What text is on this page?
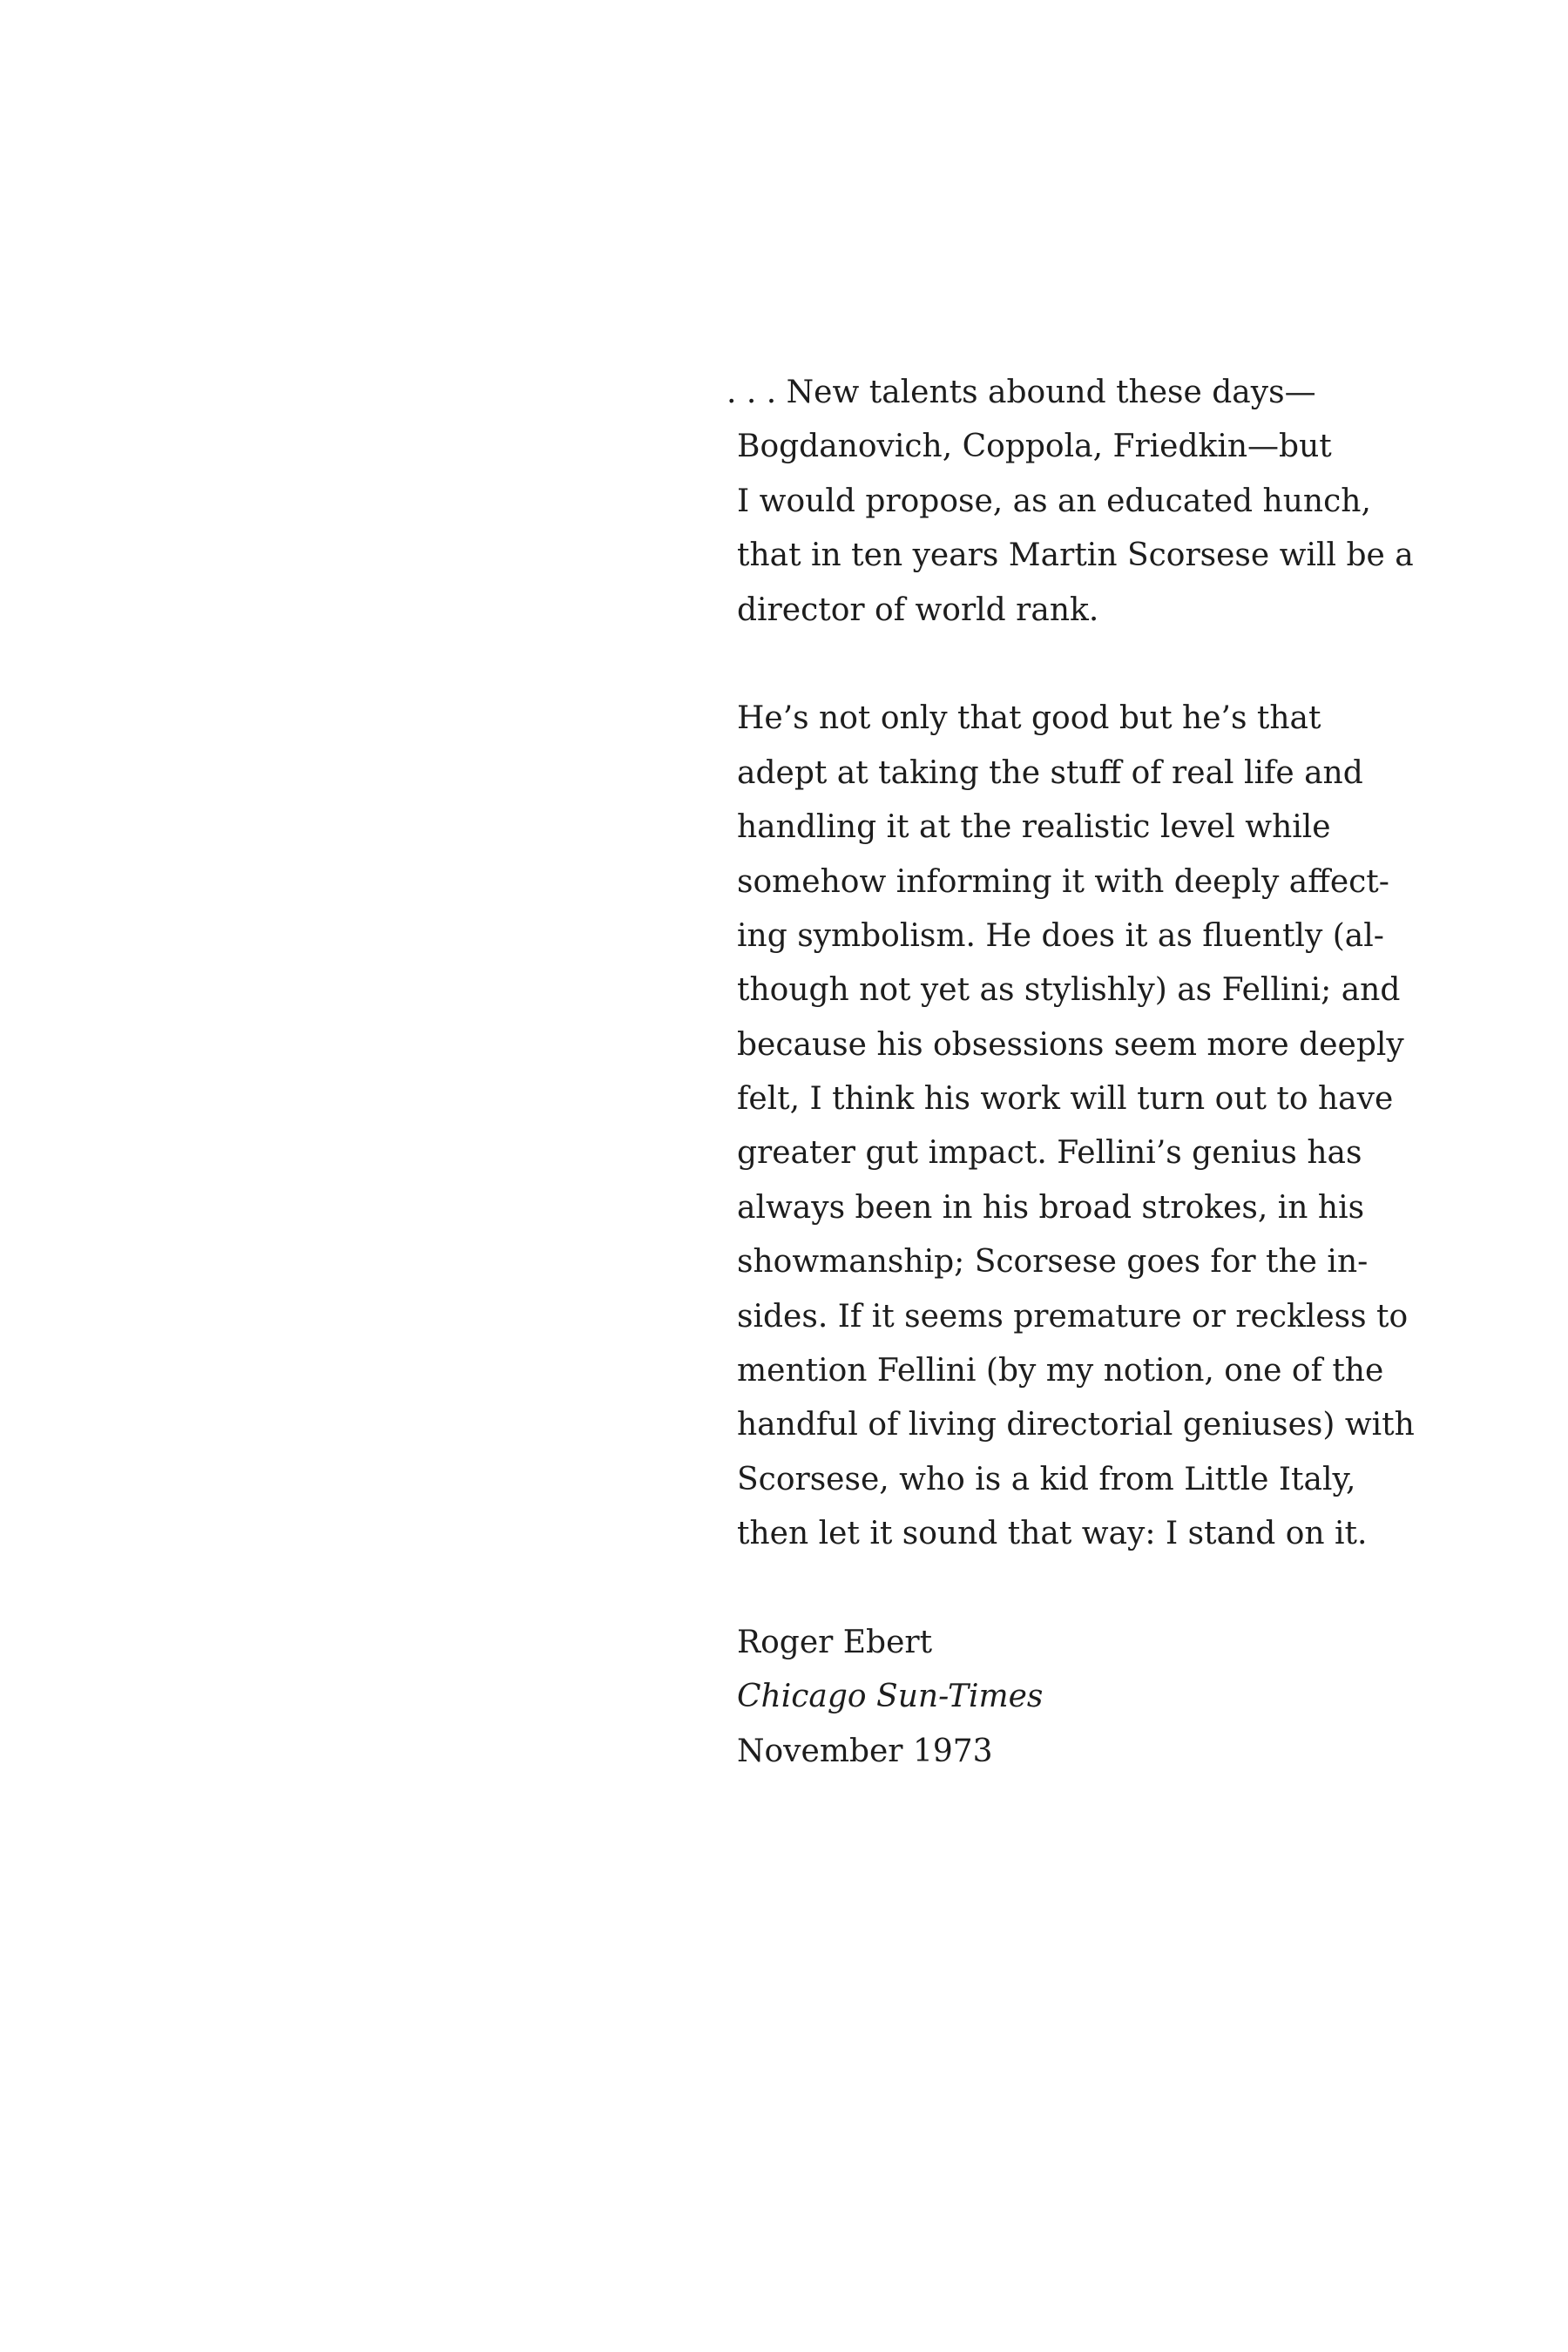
. . . New talents abound these days—
Bogdanovich, Coppola, Friedkin—but
I would propose, as an educated hunch,
that in ten years Martin Scorsese will be a
director of world rank.
He’s not only that good but he’s that
adept at taking the stuff of real life and
handling it at the realistic level while
somehow informing it with deeply affect-
ing symbolism. He does it as fluently (al-
though not yet as stylishly) as Fellini; and
because his obsessions seem more deeply
felt, I think his work will turn out to have
greater gut impact. Fellini’s genius has
always been in his broad strokes, in his
showmanship; Scorsese goes for the in-
sides. If it seems premature or reckless to
mention Fellini (by my notion, one of the
handful of living directorial geniuses) with
Scorsese, who is a kid from Little Italy,
then let it sound that way: I stand on it.
Roger Ebert
Chicago Sun-Times
November 1973
